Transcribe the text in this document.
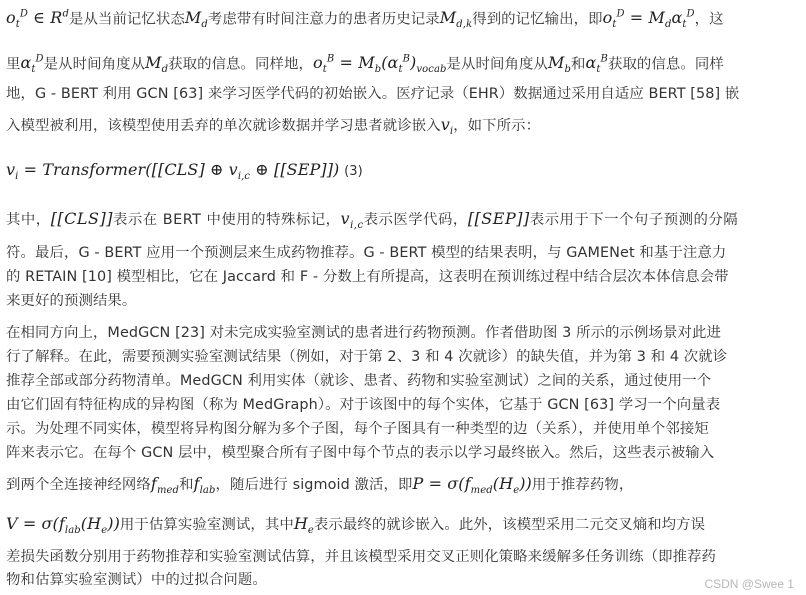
$o_t^D$ ∈ $R^d$是从当前记忆状态$M_d$考虑带有时间注意力的患者历史记录$M_{d,k}$得到的记忆输出，即$o_t^D = M_d\alpha_t^D$，这
里$\alpha_t^D$是从时间角度从$M_d$获取的信息。同样地，$o_t^B = M_b(\alpha_t^B)_{vocab}$是从时间角度从$M_b$和$\alpha_t^B$获取的信息。同样
地，G - BERT 利用 GCN [63] 来学习医学代码的初始嵌入。医疗记录（EHR）数据通过采用自适应 BERT [58] 嵌
入模型被利用，该模型使用丢弃的单次就诊数据并学习患者就诊嵌入$v_i$，如下所示：
$v_i$ = Transformer([[CLS] ⊕ $v_{i,c}$ ⊕ [[SEP]]) (3)
其中，[[CLS]]表示在 BERT 中使用的特殊标记，$v_{i,c}$表示医学代码，[[SEP]]表示用于下一个句子预测的分隔
符。最后，G - BERT 应用一个预测层来生成药物推荐。G - BERT 模型的结果表明，与 GAMENet 和基于注意力
的 RETAIN [10] 模型相比，它在 Jaccard 和 F - 分数上有所提高，这表明在预训练过程中结合层次本体信息会带
来更好的预测结果。
在相同方向上，MedGCN [23] 对未完成实验室测试的患者进行药物预测。作者借助图 3 所示的示例场景对此进
行了解释。在此，需要预测实验室测试结果（例如，对于第 2、3 和 4 次就诊）的缺失值，并为第 3 和 4 次就诊
推荐全部或部分药物清单。MedGCN 利用实体（就诊、患者、药物和实验室测试）之间的关系，通过使用一个
由它们固有特征构成的异构图（称为 MedGraph）。对于该图中的每个实体，它基于 GCN [63] 学习一个向量表
示。为处理不同实体，模型将异构图分解为多个子图，每个子图具有一种类型的边（关系），并使用单个邻接矩
阵来表示它。在每个 GCN 层中，模型聚合所有子图中每个节点的表示以学习最终嵌入。然后，这些表示被输入
到两个全连接神经网络$f_{med}$和$f_{lab}$，随后进行 sigmoid 激活，即$P = \sigma(f_{med}(H_e))$用于推荐药物，
$V = \sigma(f_{lab}(H_e))$用于估算实验室测试，其中$H_e$表示最终的就诊嵌入。此外，该模型采用二元交叉熵和均方误
差损失函数分别用于药物推荐和实验室测试估算，并且该模型采用交叉正则化策略来缓解多任务训练（即推荐药
物和估算实验室测试）中的过拟合问题。	CSDN @Swee 1
